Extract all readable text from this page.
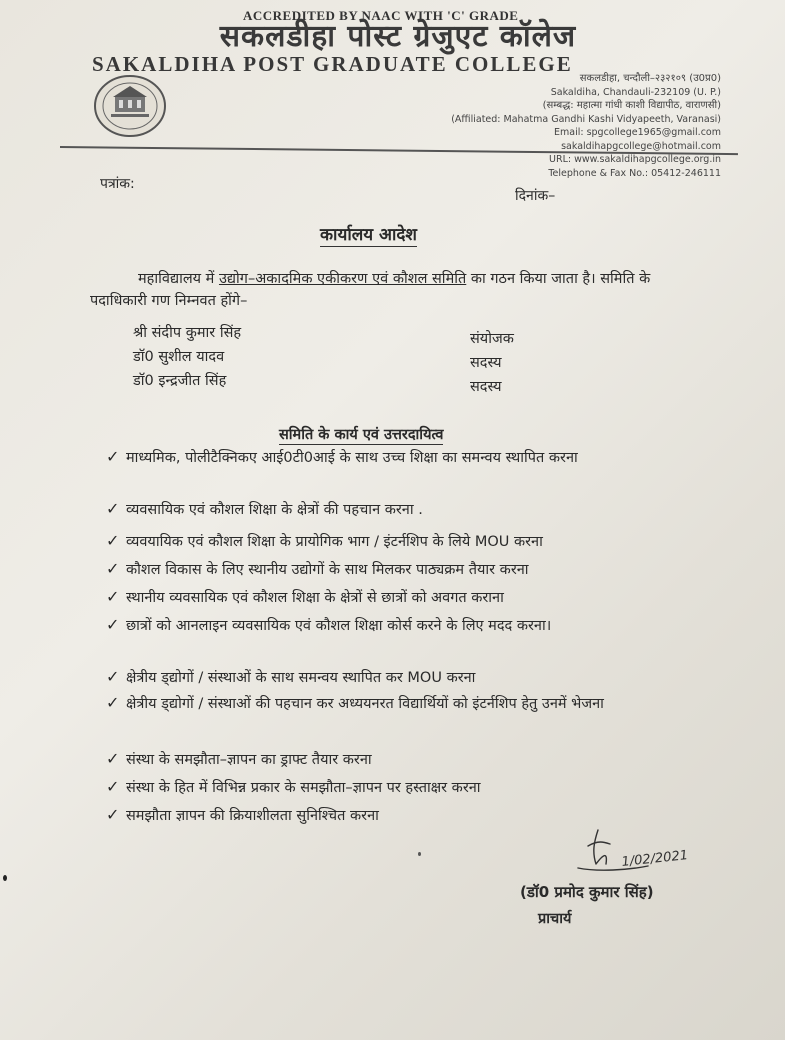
ACCREDITED BY NAAC WITH 'C' GRADE
सकलडीहा पोस्ट ग्रेजुएट कॉलेज
SAKALDIHA POST GRADUATE COLLEGE
सकलडीहा, चन्दौली–२३२१०९ (उ0प्र0)
Sakaldiha, Chandauli-232109 (U. P.)
(सम्बद्ध: महात्मा गांधी काशी विद्यापीठ, वाराणसी)
(Affiliated: Mahatma Gandhi Kashi Vidyapeeth, Varanasi)
Email: spgcollege1965@gmail.com
sakaldihapgcollege@hotmail.com
URL: www.sakaldihapgcollege.org.in
Telephone & Fax No.: 05412-246111
पत्रांक:
दिनांक–
कार्यालय आदेश
महाविद्यालय में उद्योग–अकादमिक एकीकरण एवं कौशल समिति का गठन किया जाता है। समिति के पदाधिकारी गण निम्नवत होंगे–
श्री संदीप कुमार सिंह	संयोजक
डॉ0 सुशील यादव	सदस्य
डॉ0 इन्द्रजीत सिंह	सदस्य
समिति के कार्य एवं उत्तरदायित्व
✓ माध्यमिक, पोलीटैक्निकए आई0टी0आई के साथ उच्च शिक्षा का समन्वय स्थापित करना
✓ व्यवसायिक एवं कौशल शिक्षा के क्षेत्रों की पहचान करना .
✓ व्यवयायिक एवं कौशल शिक्षा के प्रायोगिक भाग / इंटर्नशिप के लिये MOU करना
✓ कौशल विकास के लिए स्थानीय उद्योगों के साथ मिलकर पाठ्यक्रम तैयार करना
✓ स्थानीय व्यवसायिक एवं कौशल शिक्षा के क्षेत्रों से छात्रों को अवगत कराना
✓ छात्रों को आनलाइन व्यवसायिक एवं कौशल शिक्षा कोर्स करने के लिए मदद करना।
✓ क्षेत्रीय ड्द्योगों / संस्थाओं के साथ समन्वय स्थापित कर MOU करना
✓ क्षेत्रीय ड्द्योगों / संस्थाओं की पहचान कर अध्ययनरत विद्यार्थियों को इंटर्नशिप हेतु उनमें भेजना
✓ संस्था के समझौता–ज्ञापन का ड्राफ्ट तैयार करना
✓ संस्था के हित में विभिन्न प्रकार के समझौता–ज्ञापन पर हस्ताक्षर करना
✓ समझौता ज्ञापन की क्रियाशीलता सुनिश्चित करना
1/02/2021
(डॉ0 प्रमोद कुमार सिंह)
प्राचार्य
